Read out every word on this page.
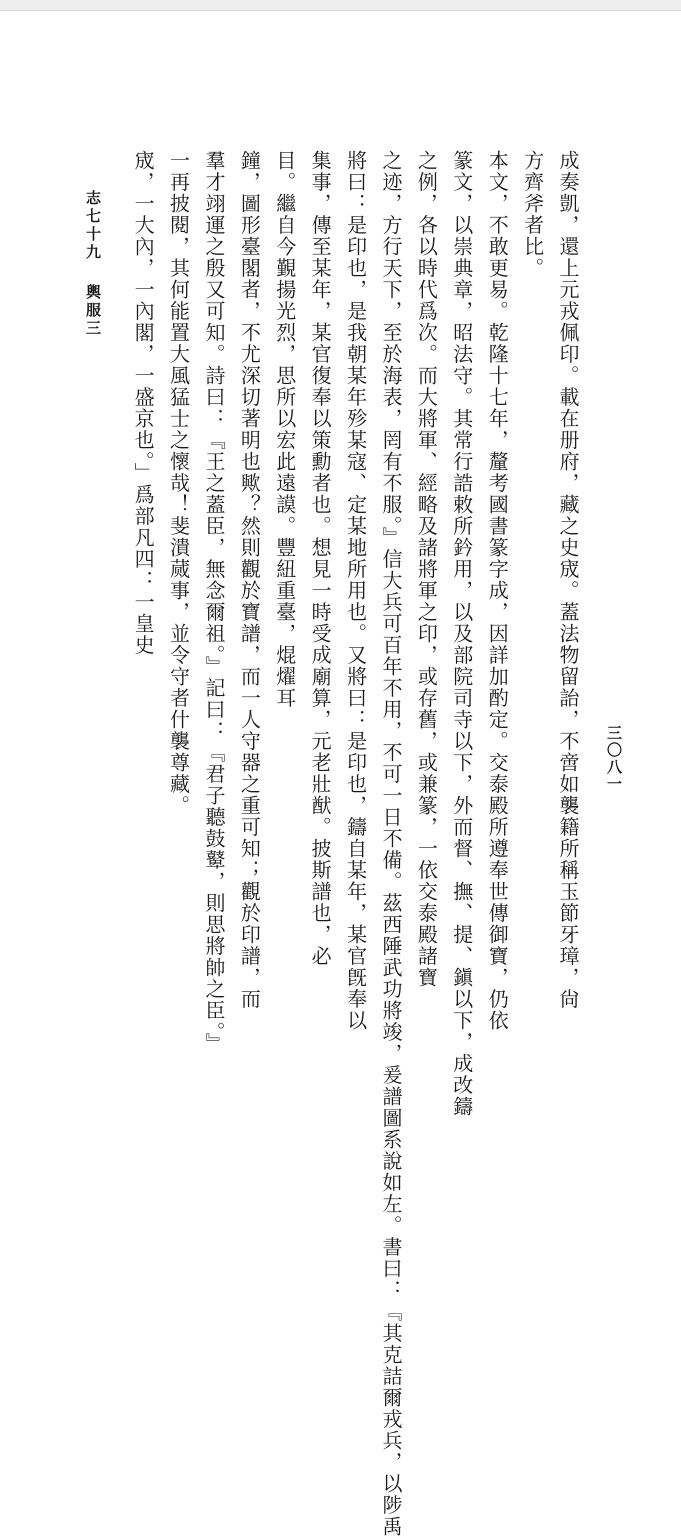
志七十九輿服三
三〇八一
成奏凱，還上元戎佩印。載在册府，藏之史宬。蓋法物留詒，不啻如襲籍所稱玉節牙璋，尙
方齊斧者比。
本文，不敢更易。乾隆十七年，釐考國書篆字成，因詳加酌定。交泰殿所遵奉世傳御寶，仍依
篆文，以崇典章，昭法守。其常行誥敕所鈐用，以及部院司寺以下，外而督、撫、提、鎭以下，成改鑄
之例，各以時代爲次。而大將軍、經略及諸將軍之印，或存舊，或兼篆，一依交泰殿諸寶
之迹，方行天下，至於海表，罔有不服。』信大兵可百年不用，不可一日不備。茲西陲武功將竣，爰譜圖系說如左。書曰：『其克詰爾戎兵，以陟禹
將曰：是印也，是我朝某年殄某寇、定某地所用也。又將曰：是印也，鑄自某年，某官旣奉以
集事，傳至某年，某官復奉以策勳者也。想見一時受成廟算，元老壯猷。披斯譜也，必
目。繼自今覲揚光烈，思所以宏此遠謨。豐紐重臺，焜燿耳
鐘，圖形臺閣者，不尤深切著明也歟？然則觀於寶譜，而一人守器之重可知；觀於印譜，而
羣才翊運之殷又可知。詩曰：『王之蓋臣，無念爾祖。』記曰：『君子聽鼓鼙，則思將帥之臣。』
一再披閱，其何能置大風猛士之懷哉！斐潰蒇事，並令守者什襲尊藏。
宬，一大內，一內閣，一盛京也。」爲部凡四：一皇史
